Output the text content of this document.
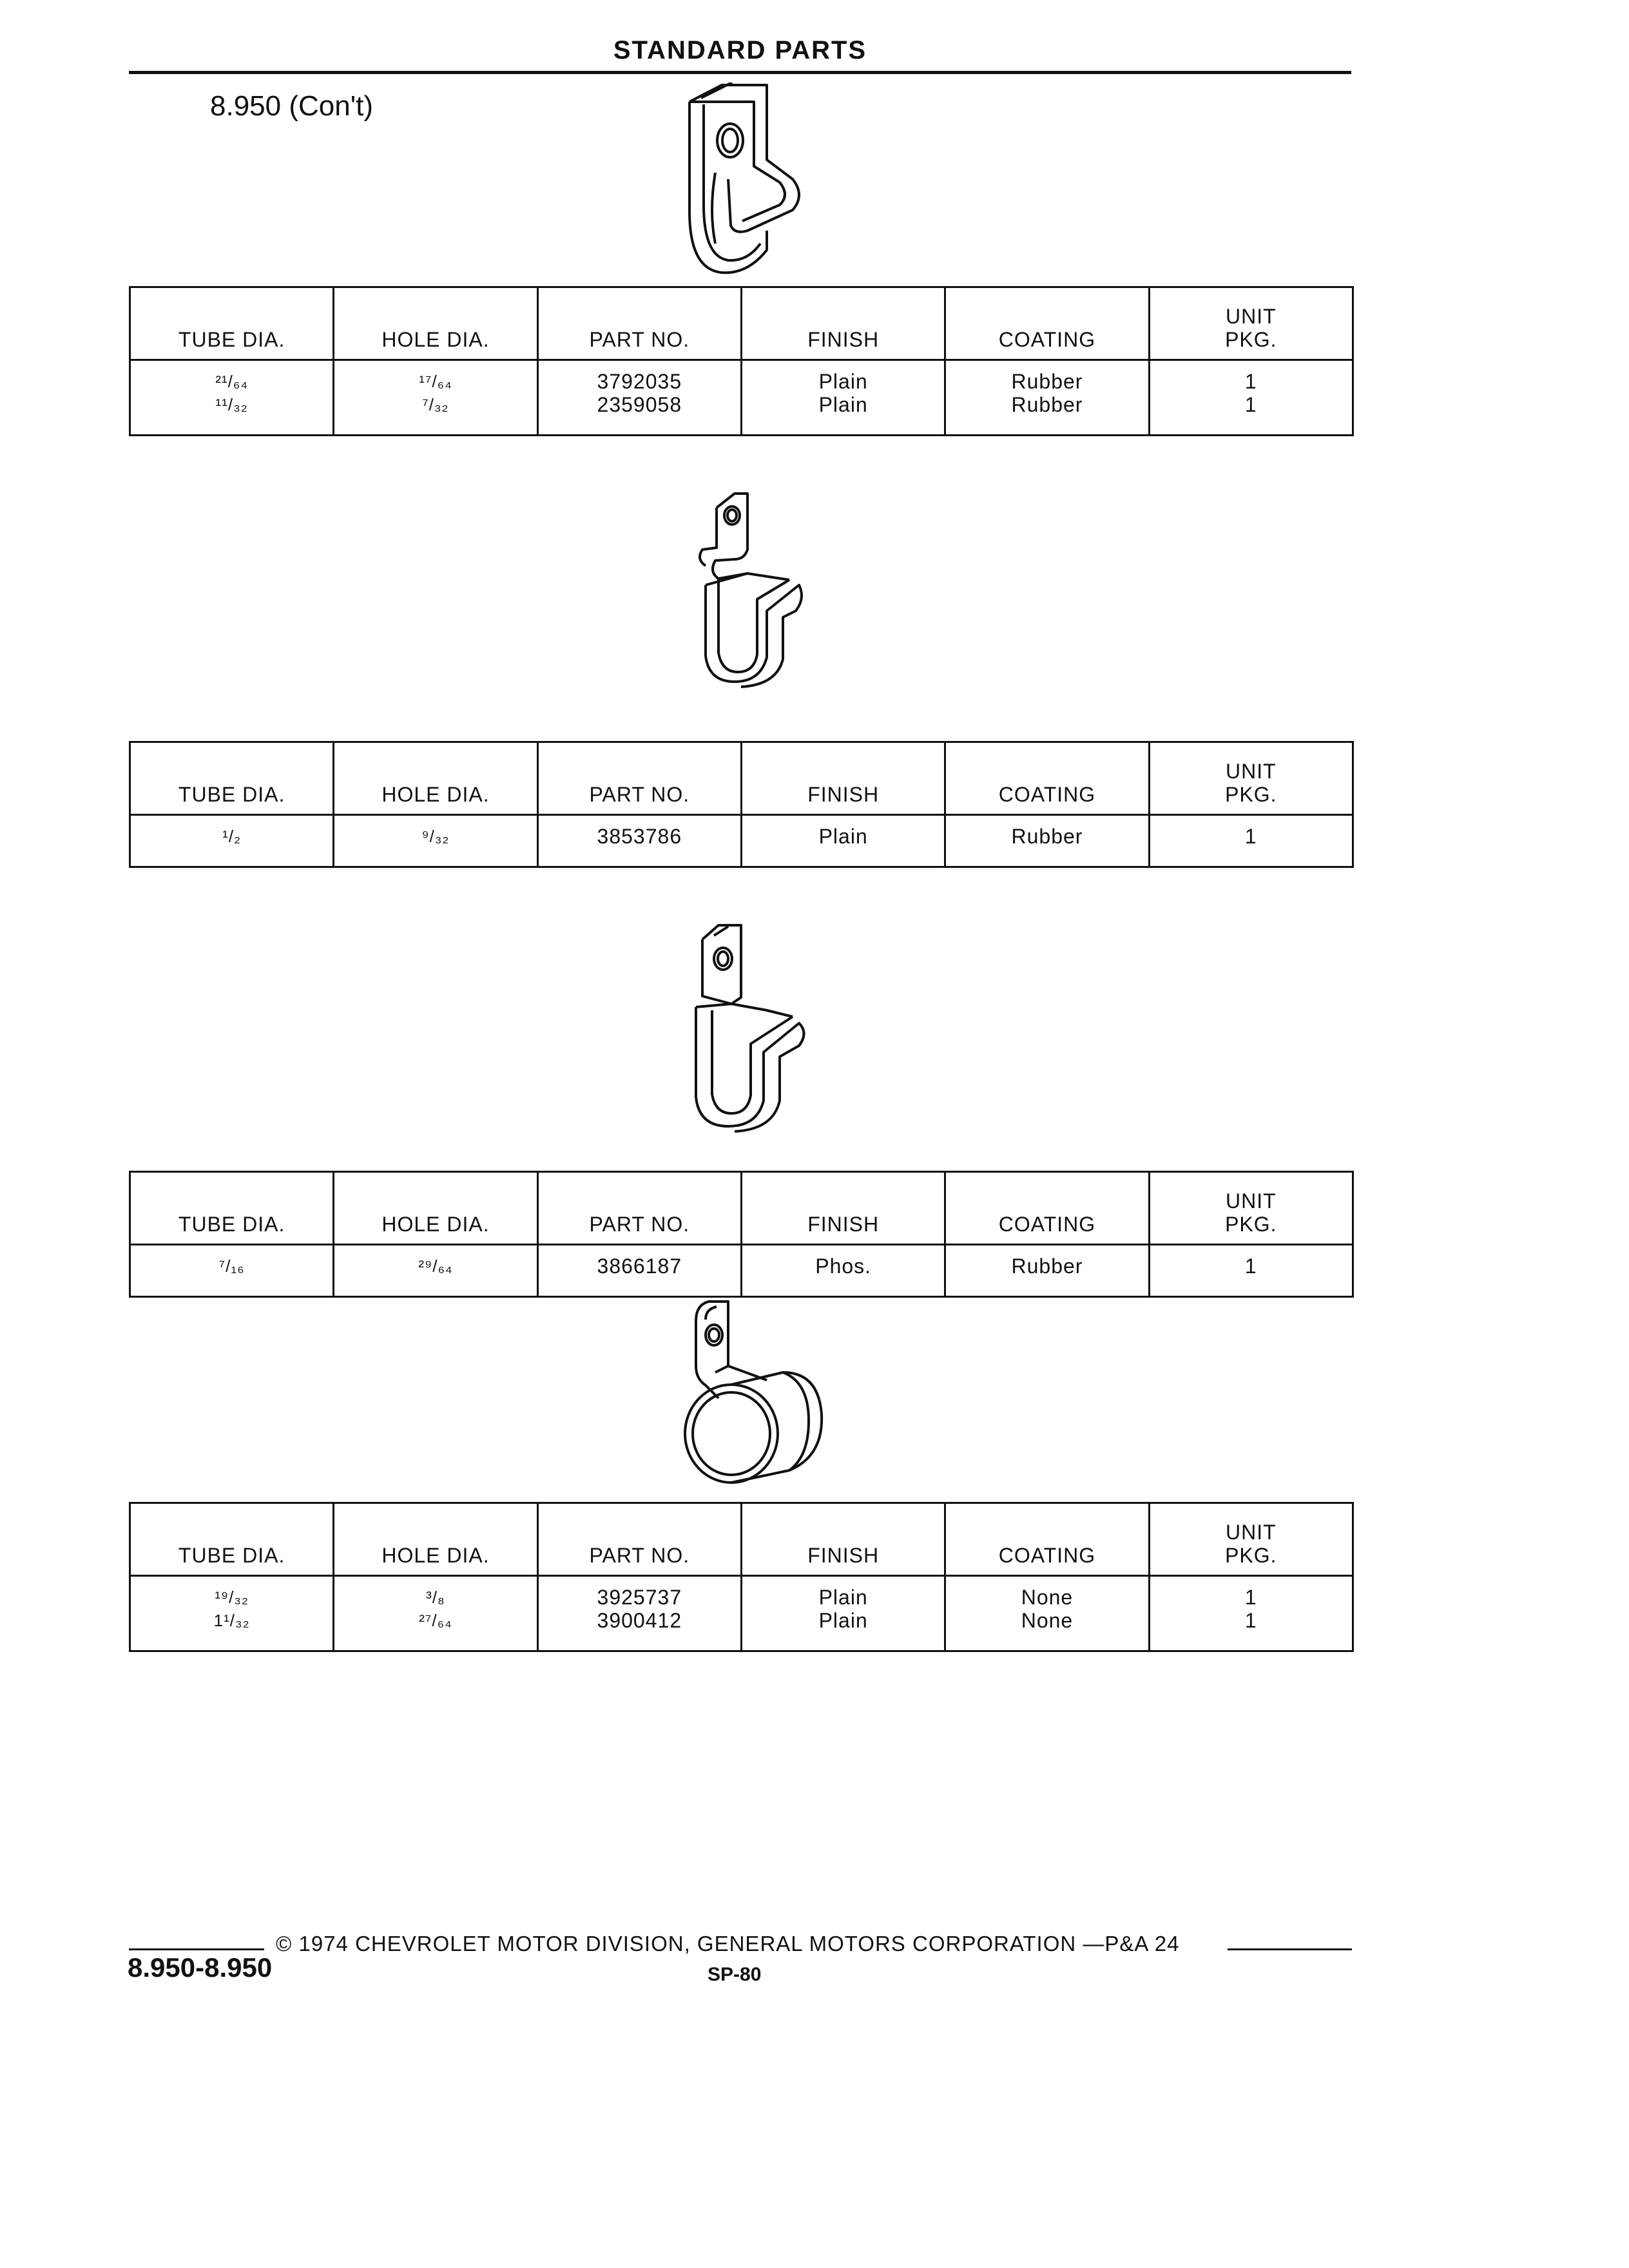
STANDARD PARTS
8.950 (Con't)
TUBE DIA.	HOLE DIA.	PART NO.	FINISH	COATING	UNIT
PKG.
²¹/₆₄	¹⁷/₆₄	3792035	Plain	Rubber	1
¹¹/₃₂	⁷/₃₂	2359058	Plain	Rubber	1
TUBE DIA.	HOLE DIA.	PART NO.	FINISH	COATING	UNIT
PKG.
¹/₂	⁹/₃₂	3853786	Plain	Rubber	1
TUBE DIA.	HOLE DIA.	PART NO.	FINISH	COATING	UNIT
PKG.
⁷/₁₆	²⁹/₆₄	3866187	Phos.	Rubber	1
TUBE DIA.	HOLE DIA.	PART NO.	FINISH	COATING	UNIT
PKG.
¹⁹/₃₂	³/₈	3925737	Plain	None	1
1¹/₃₂	²⁷/₆₄	3900412	Plain	None	1
© 1974 CHEVROLET MOTOR DIVISION, GENERAL MOTORS CORPORATION —P&A 24
8.950-8.950	SP-80
